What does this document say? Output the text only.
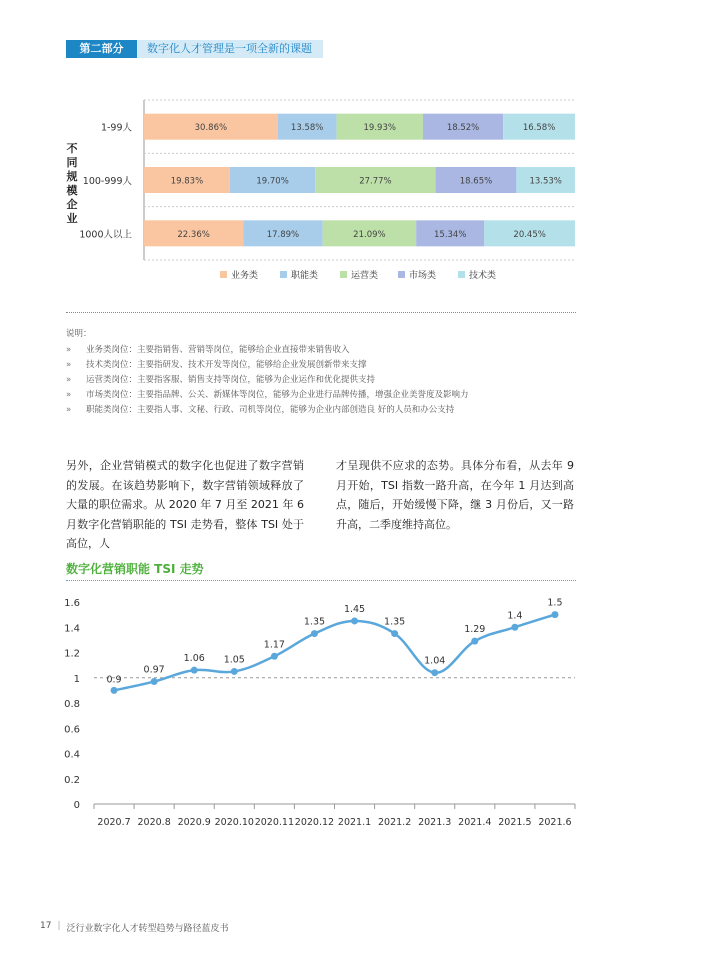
第二部分	数字化人才管理是一项全新的课题
不
同
规
模
企
业
1-99人	30.86%	13.58%	19.93%	18.52%	16.58%
100-999人	19.83%	19.70%	27.77%	18.65%	13.53%
1000人以上	22.36%	17.89%	21.09%	15.34%	20.45%
业务类	职能类	运营类	市场类	技术类
说明：
» 业务类岗位：主要指销售、营销等岗位，能够给企业直接带来销售收入
» 技术类岗位：主要指研发、技术开发等岗位，能够给企业发展创新带来支撑
» 运营类岗位：主要指客服、销售支持等岗位，能够为企业运作和优化提供支持
» 市场类岗位：主要指品牌、公关、新媒体等岗位，能够为企业进行品牌传播，增强企业美誉度及影响力
» 职能类岗位：主要指人事、文秘、行政、司机等岗位，能够为企业内部创造良 好的人员和办公支持
另外，企业营销模式的数字化也促进了数字营销的发展。在该趋势影响下，数字营销领域释放了大量的职位需求。从 2020 年 7 月至 2021 年 6 月数字化营销职能的 TSI 走势看，整体 TSI 处于高位，人
才呈现供不应求的态势。具体分布看，从去年 9 月开始，TSI 指数一路升高，在今年 1 月达到高点，随后，开始缓慢下降，继 3 月份后，又一路升高，二季度维持高位。
数字化营销职能 TSI 走势
0
0.2
0.4
0.6
0.8
1
1.2
1.4
1.6
2020.7 2020.8 2020.9 2020.10 2020.11 2020.12 2021.1 2021.2 2021.3 2021.4 2021.5 2021.6
0.9
0.97
1.06 1.05
1.17
1.35
1.45
1.35
1.04
1.29
1.4
1.5
17 | 泛行业数字化人才转型趋势与路径蓝皮书
